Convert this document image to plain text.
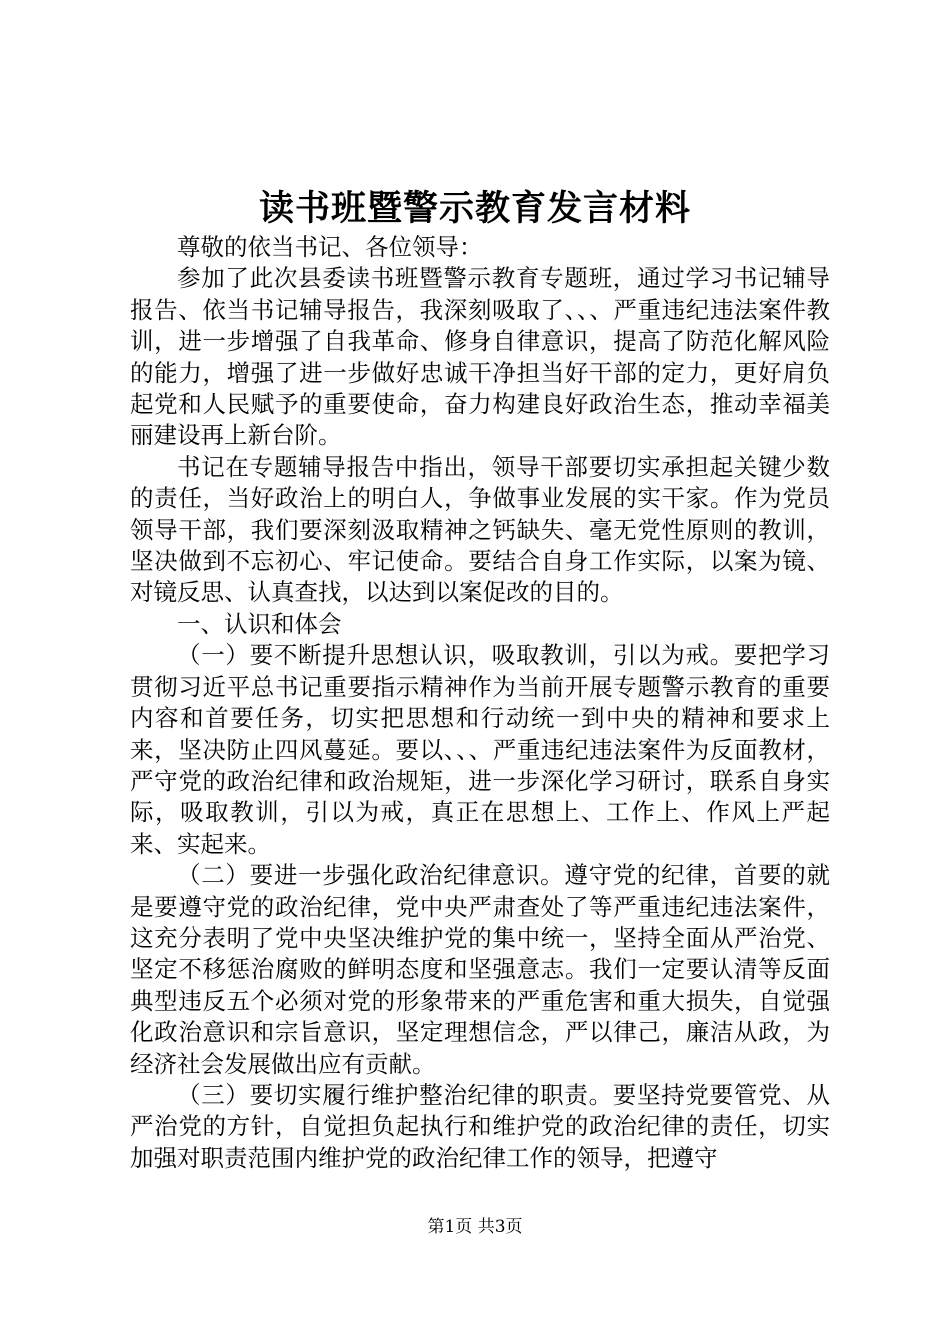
读书班暨警示教育发言材料

尊敬的依当书记、各位领导：

参加了此次县委读书班暨警示教育专题班，通过学习书记辅导报告、依当书记辅导报告，我深刻吸取了、、、严重违纪违法案件教训，进一步增强了自我革命、修身自律意识，提高了防范化解风险的能力，增强了进一步做好忠诚干净担当好干部的定力，更好肩负起党和人民赋予的重要使命，奋力构建良好政治生态，推动幸福美丽建设再上新台阶。

书记在专题辅导报告中指出，领导干部要切实承担起关键少数的责任，当好政治上的明白人，争做事业发展的实干家。作为党员领导干部，我们要深刻汲取精神之钙缺失、毫无党性原则的教训，坚决做到不忘初心、牢记使命。要结合自身工作实际，以案为镜、对镜反思、认真查找，以达到以案促改的目的。

一、认识和体会

（一）要不断提升思想认识，吸取教训，引以为戒。要把学习贯彻习近平总书记重要指示精神作为当前开展专题警示教育的重要内容和首要任务，切实把思想和行动统一到中央的精神和要求上来，坚决防止四风蔓延。要以、、、严重违纪违法案件为反面教材，严守党的政治纪律和政治规矩，进一步深化学习研讨，联系自身实际，吸取教训，引以为戒，真正在思想上、工作上、作风上严起来、实起来。

（二）要进一步强化政治纪律意识。遵守党的纪律，首要的就是要遵守党的政治纪律，党中央严肃查处了等严重违纪违法案件，这充分表明了党中央坚决维护党的集中统一，坚持全面从严治党、坚定不移惩治腐败的鲜明态度和坚强意志。我们一定要认清等反面典型违反五个必须对党的形象带来的严重危害和重大损失，自觉强化政治意识和宗旨意识，坚定理想信念，严以律己，廉洁从政，为经济社会发展做出应有贡献。

（三）要切实履行维护整治纪律的职责。要坚持党要管党、从严治党的方针，自觉担负起执行和维护党的政治纪律的责任，切实加强对职责范围内维护党的政治纪律工作的领导，把遵守

第1页 共3页
